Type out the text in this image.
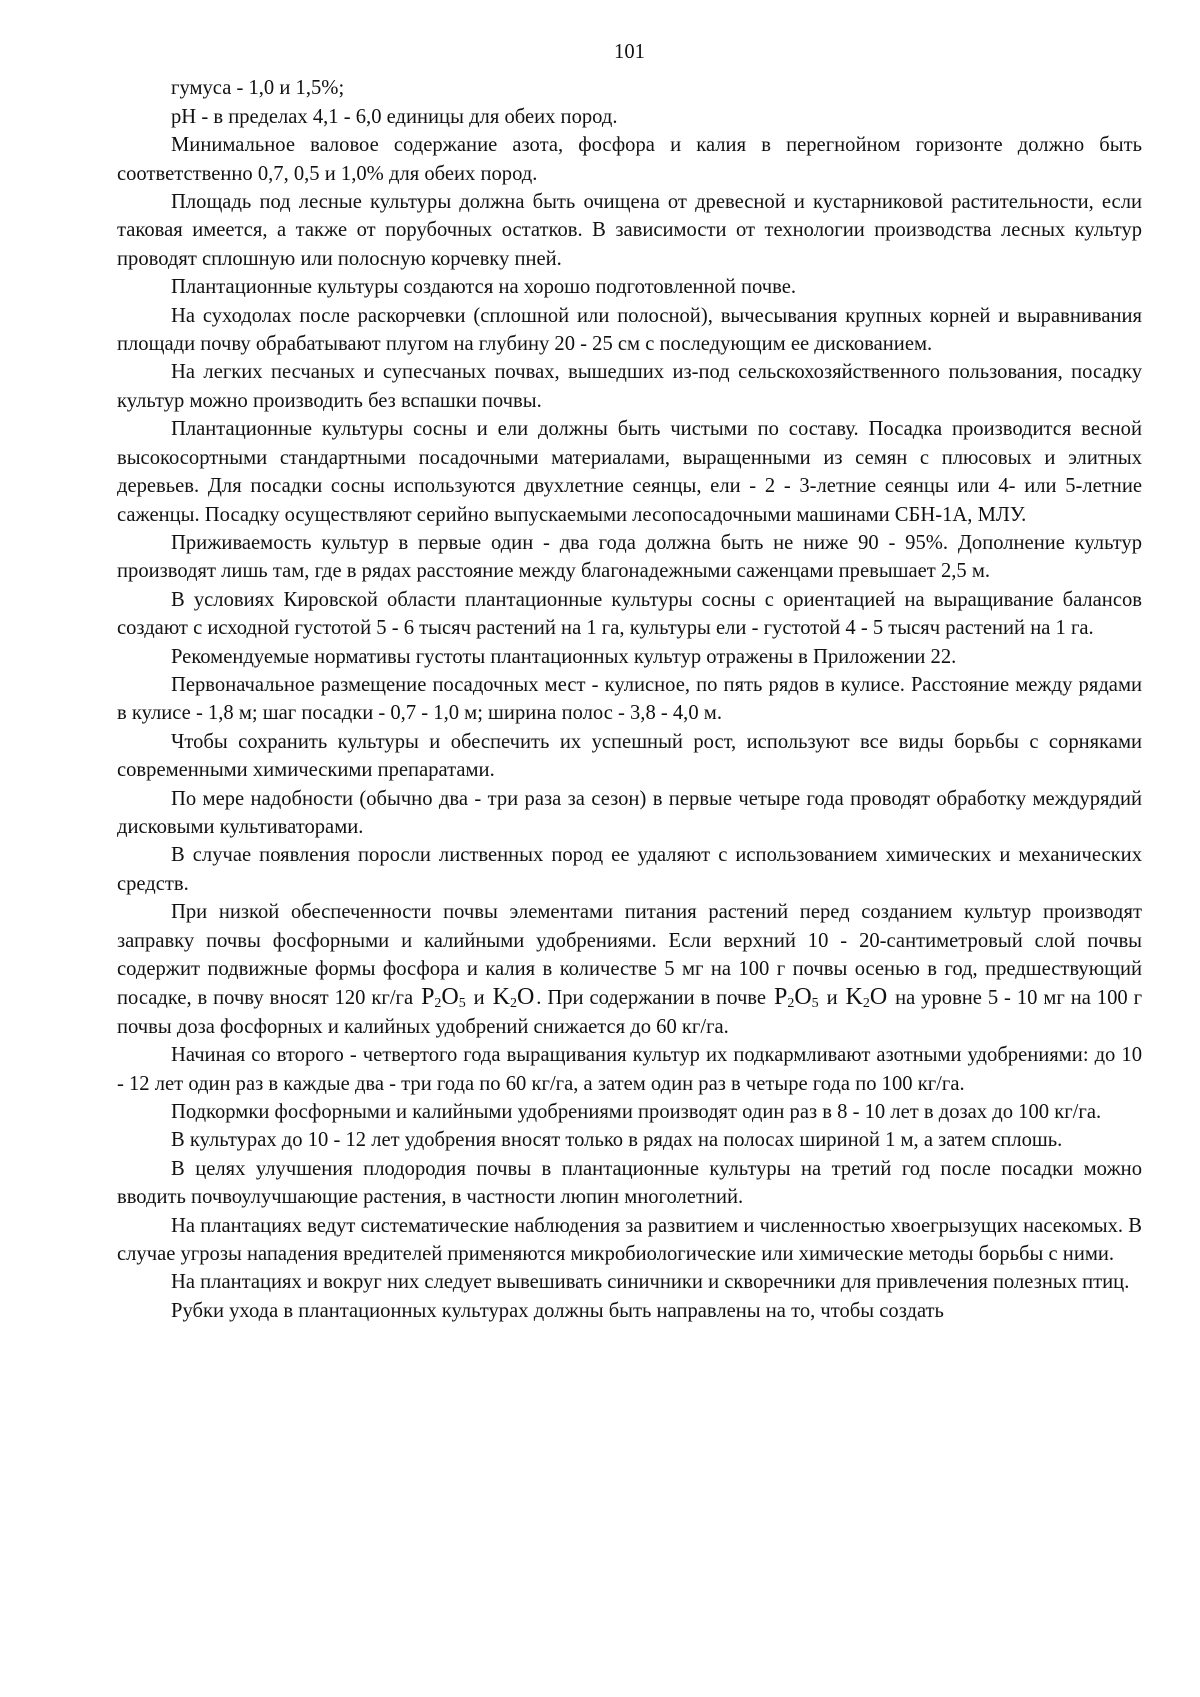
101

гумуса - 1,0 и 1,5%;

рН - в пределах 4,1 - 6,0 единицы для обеих пород.

Минимальное валовое содержание азота, фосфора и калия в перегнойном горизонте должно быть соответственно 0,7, 0,5 и 1,0% для обеих пород.

Площадь под лесные культуры должна быть очищена от древесной и кустарниковой растительности, если таковая имеется, а также от порубочных остатков. В зависимости от технологии производства лесных культур проводят сплошную или полосную корчевку пней.

Плантационные культуры создаются на хорошо подготовленной почве.

На суходолах после раскорчевки (сплошной или полосной), вычесывания крупных корней и выравнивания площади почву обрабатывают плугом на глубину 20 - 25 см с последующим ее дискованием.

На легких песчаных и супесчаных почвах, вышедших из-под сельскохозяйственного пользования, посадку культур можно производить без вспашки почвы.

Плантационные культуры сосны и ели должны быть чистыми по составу. Посадка производится весной высокосортными стандартными посадочными материалами, выращенными из семян с плюсовых и элитных деревьев. Для посадки сосны используются двухлетние сеянцы, ели - 2 - 3-летние сеянцы или 4- или 5-летние саженцы. Посадку осуществляют серийно выпускаемыми лесопосадочными машинами СБН-1А, МЛУ.

Приживаемость культур в первые один - два года должна быть не ниже 90 - 95%. Дополнение культур производят лишь там, где в рядах расстояние между благонадежными саженцами превышает 2,5 м.

В условиях Кировской области плантационные культуры сосны с ориентацией на выращивание балансов создают с исходной густотой 5 - 6 тысяч растений на 1 га, культуры ели - густотой 4 - 5 тысяч растений на 1 га.

Рекомендуемые нормативы густоты плантационных культур отражены в Приложении 22.

Первоначальное размещение посадочных мест - кулисное, по пять рядов в кулисе. Расстояние между рядами в кулисе - 1,8 м; шаг посадки - 0,7 - 1,0 м; ширина полос - 3,8 - 4,0 м.

Чтобы сохранить культуры и обеспечить их успешный рост, используют все виды борьбы с сорняками современными химическими препаратами.

По мере надобности (обычно два - три раза за сезон) в первые четыре года проводят обработку междурядий дисковыми культиваторами.

В случае появления поросли лиственных пород ее удаляют с использованием химических и механических средств.

При низкой обеспеченности почвы элементами питания растений перед созданием культур производят заправку почвы фосфорными и калийными удобрениями. Если верхний 10 - 20-сантиметровый слой почвы содержит подвижные формы фосфора и калия в количестве 5 мг на 100 г почвы осенью в год, предшествующий посадке, в почву вносят 120 кг/га $P_2O_5$ и $K_2O$. При содержании в почве $P_2O_5$ и $K_2O$ на уровне 5 - 10 мг на 100 г почвы доза фосфорных и калийных удобрений снижается до 60 кг/га.

Начиная со второго - четвертого года выращивания культур их подкармливают азотными удобрениями: до 10 - 12 лет один раз в каждые два - три года по 60 кг/га, а затем один раз в четыре года по 100 кг/га.

Подкормки фосфорными и калийными удобрениями производят один раз в 8 - 10 лет в дозах до 100 кг/га.

В культурах до 10 - 12 лет удобрения вносят только в рядах на полосах шириной 1 м, а затем сплошь.

В целях улучшения плодородия почвы в плантационные культуры на третий год после посадки можно вводить почвоулучшающие растения, в частности люпин многолетний.

На плантациях ведут систематические наблюдения за развитием и численностью хвоегрызущих насекомых. В случае угрозы нападения вредителей применяются микробиологические или химические методы борьбы с ними.

На плантациях и вокруг них следует вывешивать синичники и скворечники для привлечения полезных птиц.

Рубки ухода в плантационных культурах должны быть направлены на то, чтобы создать
